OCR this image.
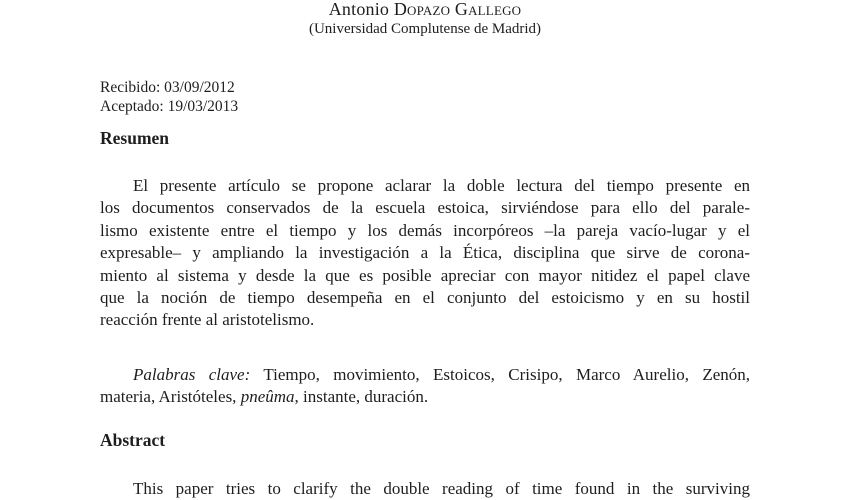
Antonio Dopazo Gallego
(Universidad Complutense de Madrid)
Recibido: 03/09/2012
Aceptado: 19/03/2013
Resumen
El presente artículo se propone aclarar la doble lectura del tiempo presente en
los documentos conservados de la escuela estoica, sirviéndose para ello del parale-
lismo existente entre el tiempo y los demás incorpóreos –la pareja vacío-lugar y el
expresable– y ampliando la investigación a la Ética, disciplina que sirve de corona-
miento al sistema y desde la que es posible apreciar con mayor nitidez el papel clave
que la noción de tiempo desempeña en el conjunto del estoicismo y en su hostil
reacción frente al aristotelismo.
Palabras clave: Tiempo, movimiento, Estoicos, Crisipo, Marco Aurelio, Zenón,
materia, Aristóteles, pneûma, instante, duración.
Abstract
This paper tries to clarify the double reading of time found in the surviving
